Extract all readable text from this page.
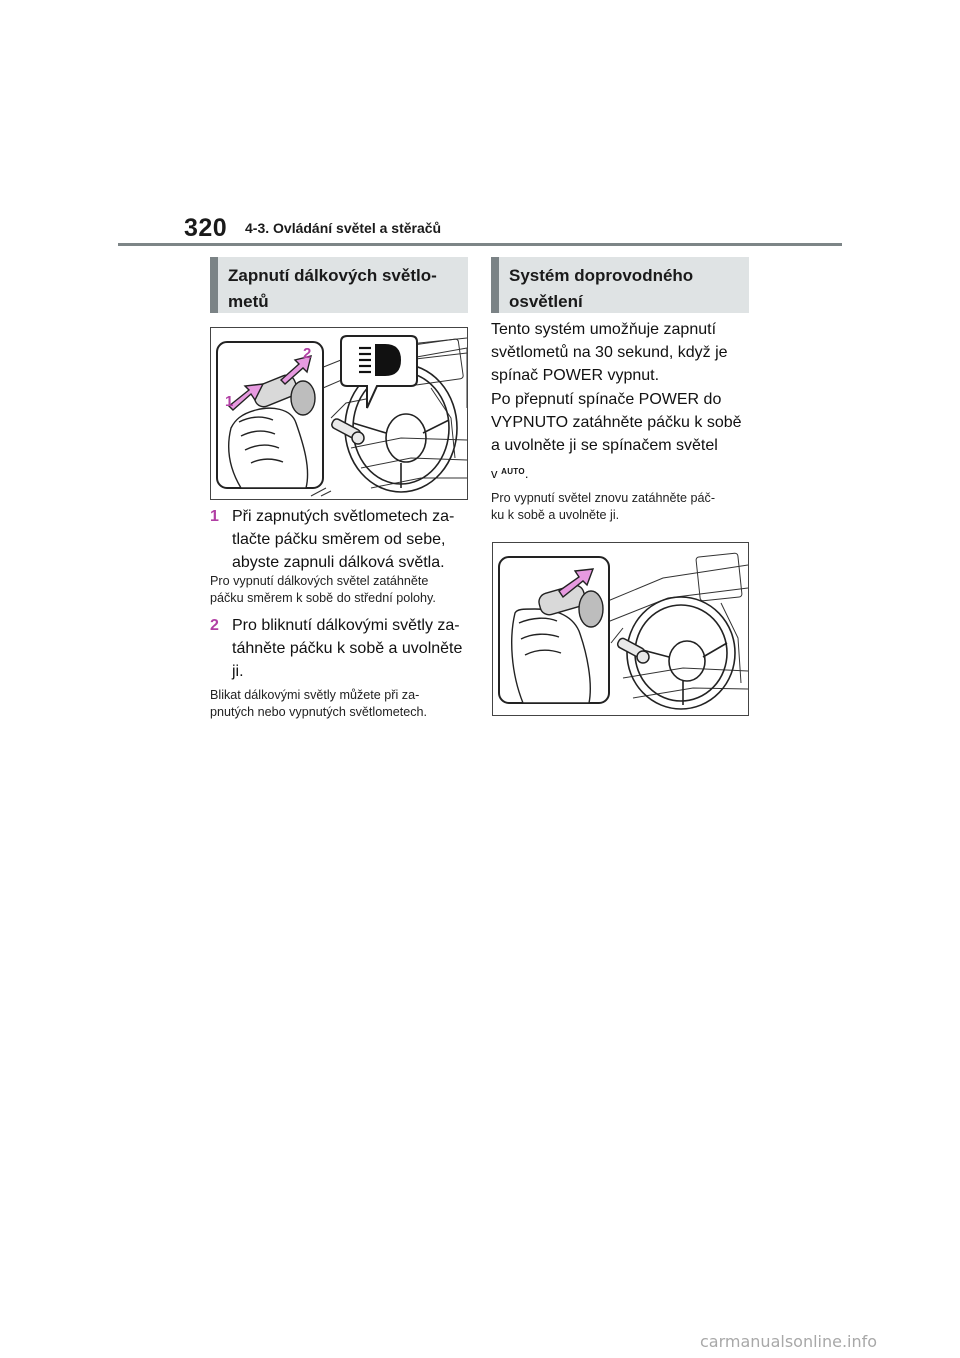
320 4-3. Ovládání světel a stěračů
Zapnutí dálkových světlo-
metů
1
2
1 Při zapnutých světlometech za-
tlačte páčku směrem od sebe,
abyste zapnuli dálková světla.
Pro vypnutí dálkových světel zatáhněte
páčku směrem k sobě do střední polohy.
2 Pro bliknutí dálkovými světly za-
táhněte páčku k sobě a uvolněte
ji.
Blikat dálkovými světly můžete při za-
pnutých nebo vypnutých světlometech.
Systém doprovodného
osvětlení
Tento systém umožňuje zapnutí
světlometů na 30 sekund, když je
spínač POWER vypnut.
Po přepnutí spínače POWER do
VYPNUTO zatáhněte páčku k sobě
a uvolněte ji se spínačem světel
v $^{AUTO}$.
Pro vypnutí světel znovu zatáhněte páč-
ku k sobě a uvolněte ji.
carmanualsonline.info
